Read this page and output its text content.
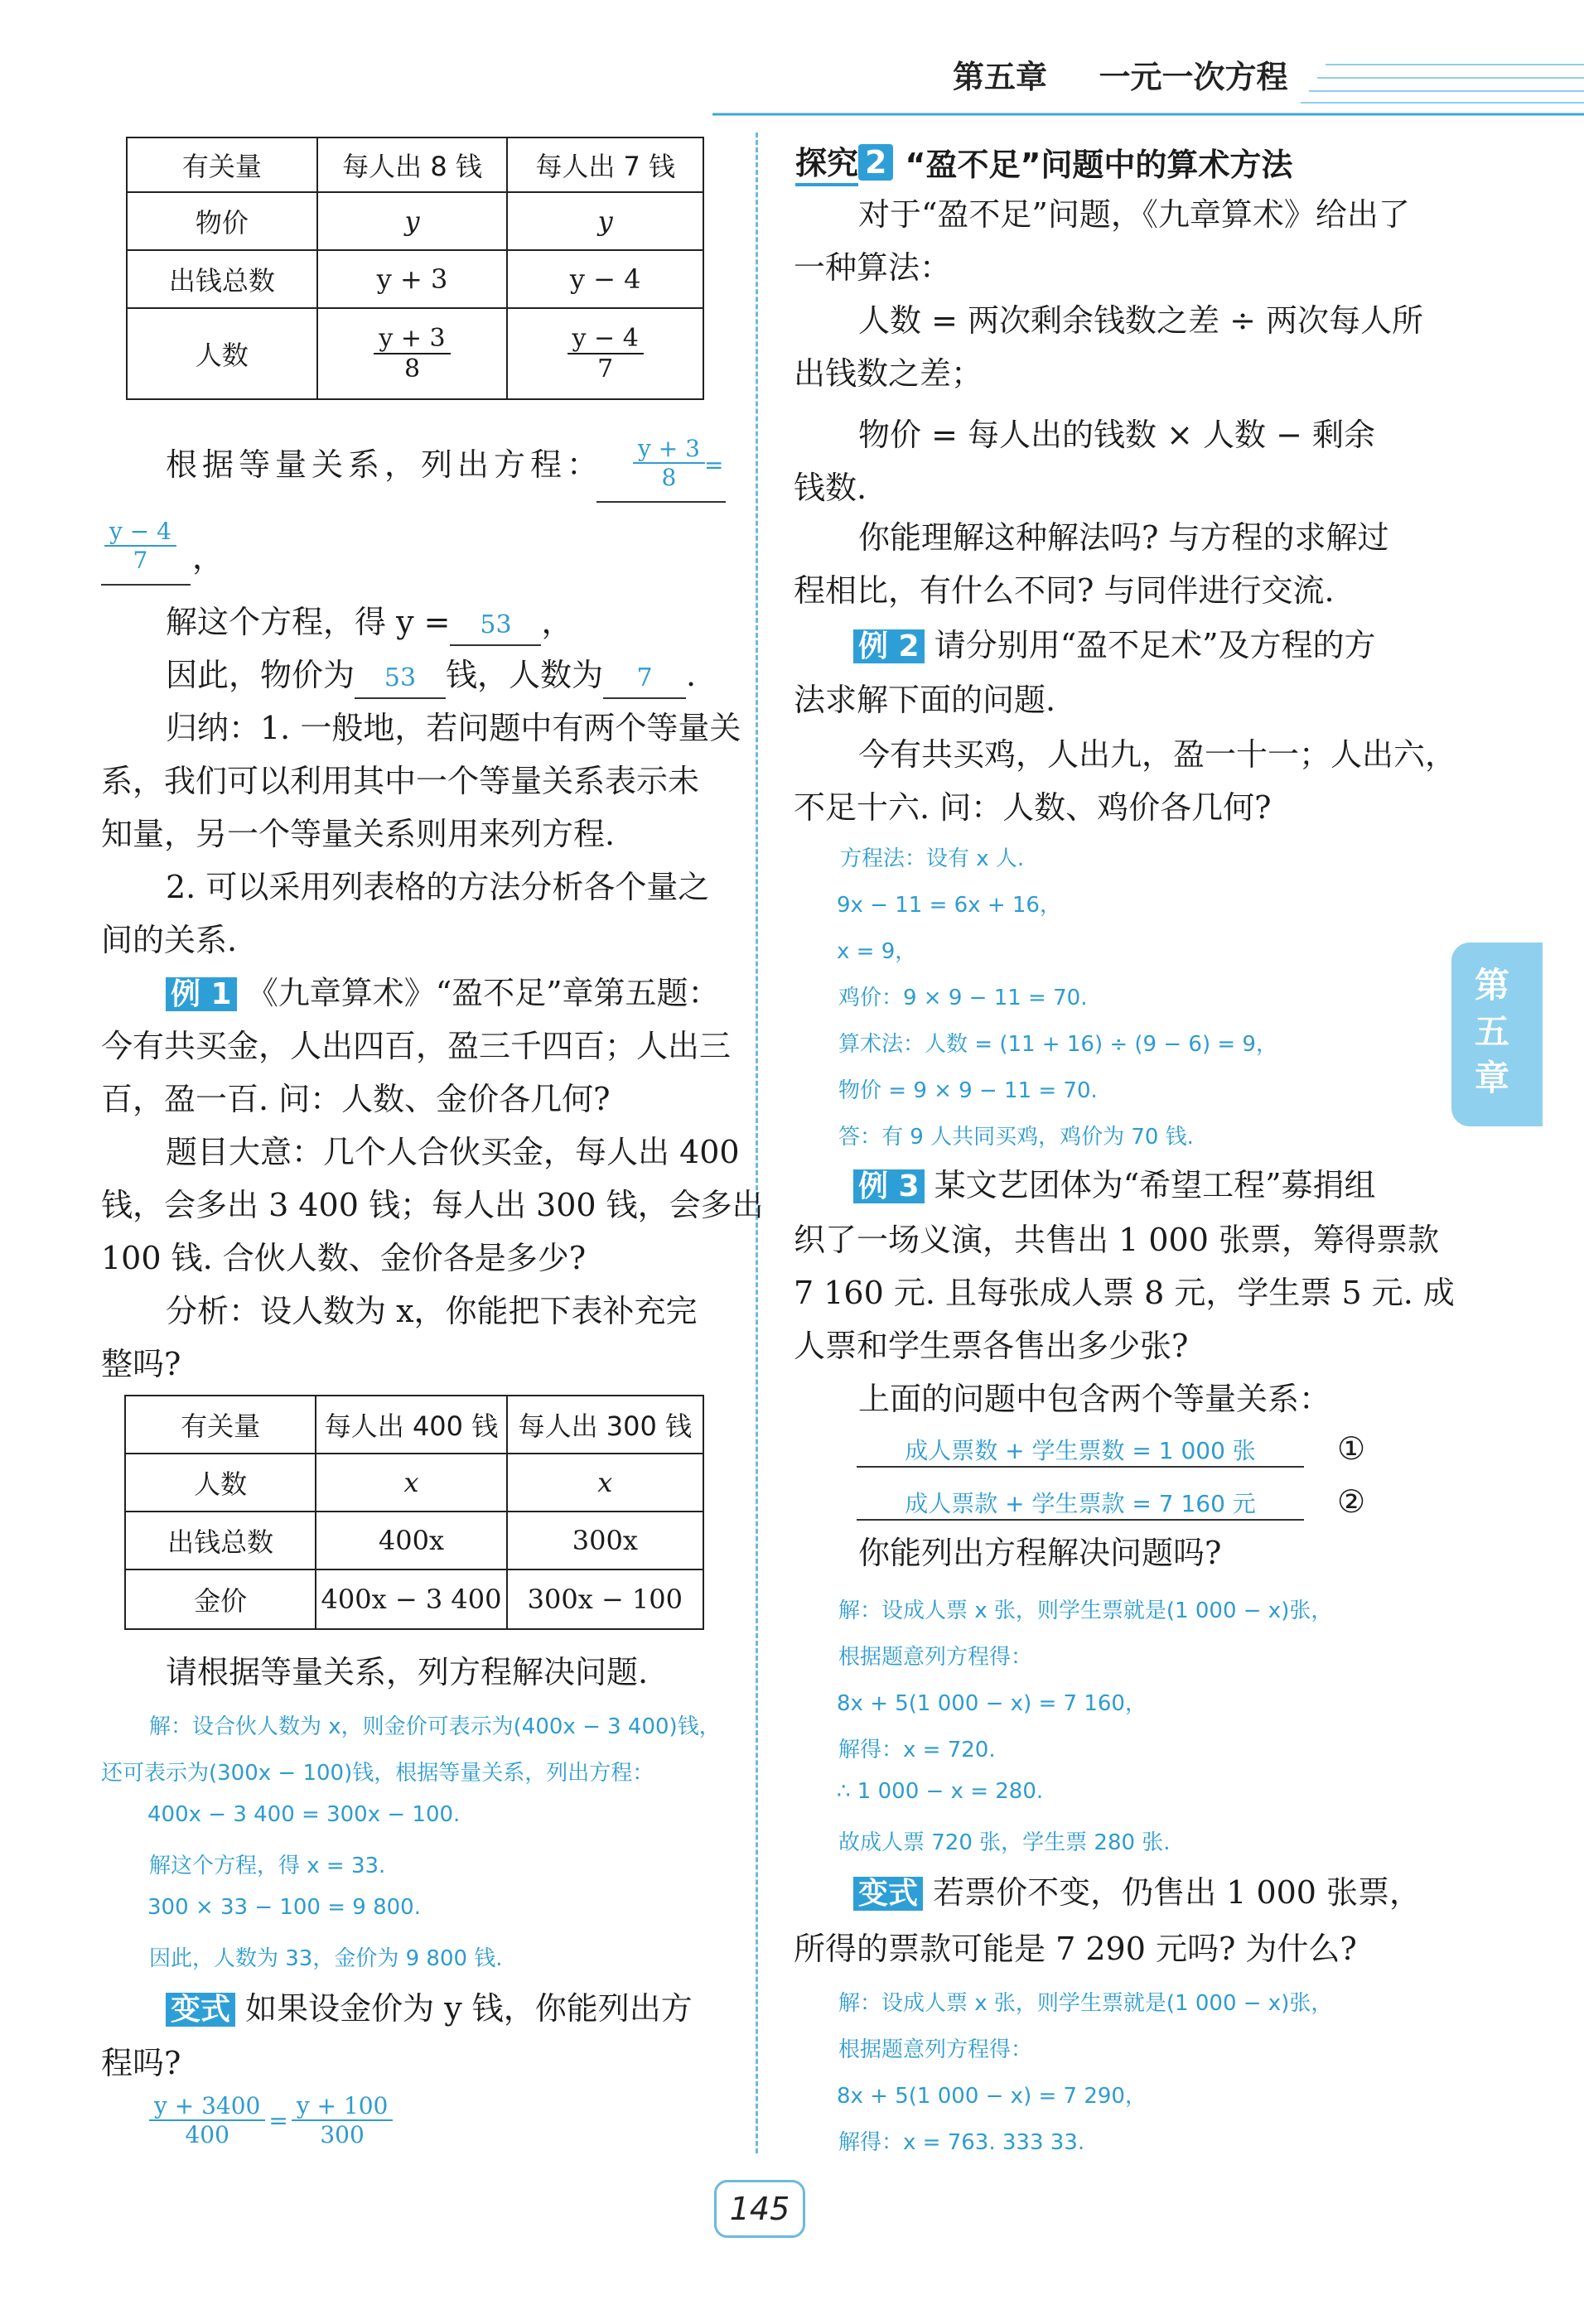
第五章 一元一次方程
第五章
有关量	每人出 8 钱	每人出 7 钱
物价	y	y
出钱总数	y + 3	y − 4
人数	$\frac{y + 3}{8}$	$\frac{y - 4}{7}$
根据等量关系，列出方程： $\frac{y + 3}{8}$ =
$\frac{y - 4}{7}$ ，
解这个方程，得 y = 53 ，
因此，物价为 53 钱，人数为 7 .
归纳：1. 一般地，若问题中有两个等量关
系，我们可以利用其中一个等量关系表示未
知量，另一个等量关系则用来列方程.
2. 可以采用列表格的方法分析各个量之
间的关系.
例 1 《九章算术》“盈不足”章第五题：
今有共买金，人出四百，盈三千四百；人出三
百，盈一百. 问：人数、金价各几何?
题目大意：几个人合伙买金，每人出 400
钱，会多出 3 400 钱；每人出 300 钱，会多出
100 钱. 合伙人数、金价各是多少?
分析：设人数为 x，你能把下表补充完
整吗?
有关量	每人出 400 钱	每人出 300 钱
人数	x	x
出钱总数	400x	300x
金价	400x − 3 400	300x − 100
请根据等量关系，列方程解决问题.
解：设合伙人数为 x，则金价可表示为(400x − 3 400)钱，
还可表示为(300x − 100)钱，根据等量关系，列出方程：
400x − 3 400 = 300x − 100.
解这个方程，得 x = 33.
300 × 33 − 100 = 9 800.
因此，人数为 33，金价为 9 800 钱.
变式 如果设金价为 y 钱，你能列出方
程吗?
$\frac{y + 3400}{400} = \frac{y + 100}{300}$
探究 2 “盈不足”问题中的算术方法
对于“盈不足”问题，《九章算术》给出了
一种算法：
人数 = 两次剩余钱数之差 ÷ 两次每人所
出钱数之差；
物价 = 每人出的钱数 × 人数 − 剩余
钱数.
你能理解这种解法吗? 与方程的求解过
程相比，有什么不同? 与同伴进行交流.
例 2 请分别用“盈不足术”及方程的方
法求解下面的问题.
今有共买鸡，人出九，盈一十一；人出六，
不足十六. 问：人数、鸡价各几何?
方程法：设有 x 人.
9x − 11 = 6x + 16，
x = 9，
鸡价：9 × 9 − 11 = 70.
算术法：人数 = (11 + 16) ÷ (9 − 6) = 9，
物价 = 9 × 9 − 11 = 70.
答：有 9 人共同买鸡，鸡价为 70 钱.
例 3 某文艺团体为“希望工程”募捐组
织了一场义演，共售出 1 000 张票，筹得票款
7 160 元. 且每张成人票 8 元，学生票 5 元. 成
人票和学生票各售出多少张?
上面的问题中包含两个等量关系：
成人票数 + 学生票数 = 1 000 张	①
成人票款 + 学生票款 = 7 160 元	②
你能列出方程解决问题吗?
解：设成人票 x 张，则学生票就是(1 000 − x)张，
根据题意列方程得：
8x + 5(1 000 − x) = 7 160，
解得：x = 720.
∴ 1 000 − x = 280.
故成人票 720 张，学生票 280 张.
变式 若票价不变，仍售出 1 000 张票，
所得的票款可能是 7 290 元吗? 为什么?
解：设成人票 x 张，则学生票就是(1 000 − x)张，
根据题意列方程得：
8x + 5(1 000 − x) = 7 290，
解得：x = 763. 333 33.
145
